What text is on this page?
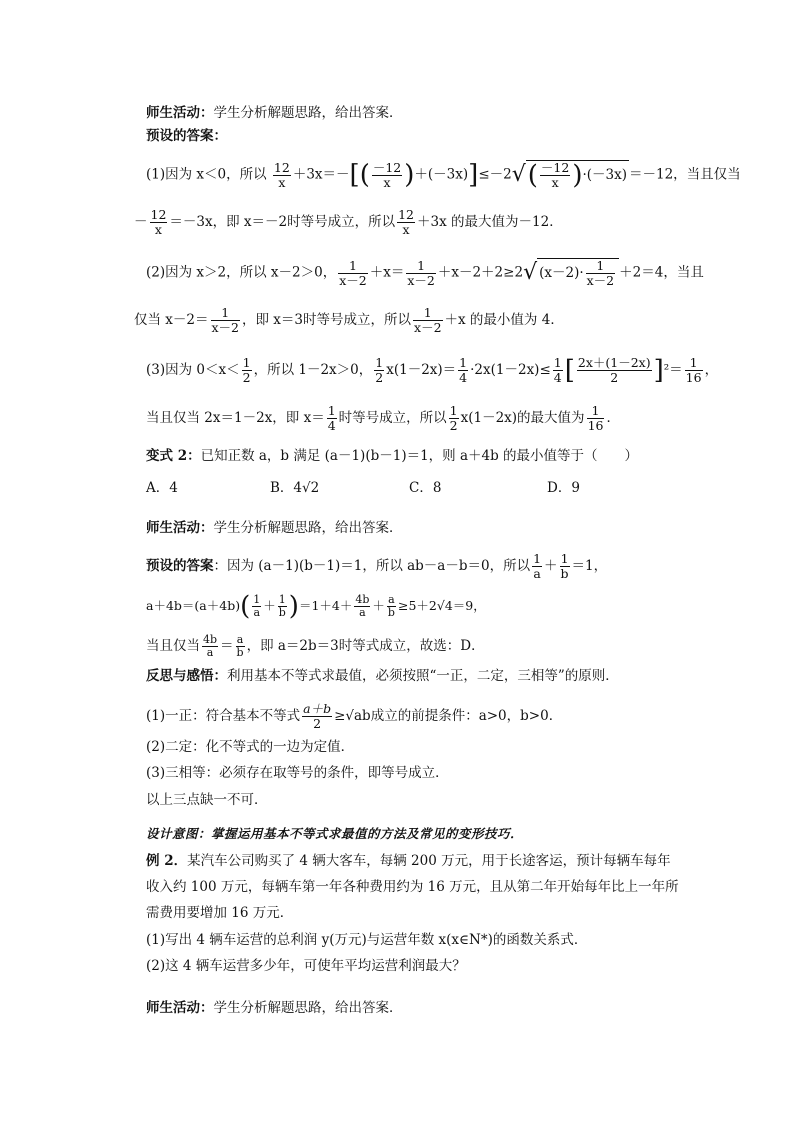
师生活动：学生分析解题思路，给出答案．
预设的答案：
(1)因为 x＜0，所以 $\frac{12}{x} +3x=-[( \frac{-12}{x} )+(-3x)]\le-2√( \frac{-12}{x} )\cdot(-3x) =-12$，当且仅当
－ $\frac{12}{x} =-3x$，即 x＝－2时等号成立，所以 $\frac{12}{x} +3x$ 的最大值为－12．
(2)因为 x＞2，所以 x－2＞0， $\frac{1}{x-2} +x= \frac{1}{x-2} +x-2+2\ge 2√$ $(x-2)\cdot \frac{1}{x-2} +2=4$，当且
仅当 $x-2= \frac{1}{x-2}$ ，即 x＝3时等号成立，所以 $\frac{1}{x-2} +x$ 的最小值为 4．
(3)因为 $0<x< \frac{1}{2}$ ，所以 1－2x＞0， $\frac{1}{2} x(1-2x)= \frac{1}{4} \cdot 2x(1-2x)\le \frac{1}{4}$ [ $\frac{2x+(1-2x)}{2} ]^2= \frac{1}{16}$ ，
当且仅当 2x＝1－2x，即 $x= \frac{1}{4}$ 时等号成立，所以 $\frac{1}{2} x(1-2x)$的最大值为 $\frac{1}{16}$ ．
变式 2：已知正数 a，b 满足 (a－1)(b－1)＝1，则 a＋4b 的最小值等于（　　）
A．4	B．4√2	C．8	D．9
师生活动：学生分析解题思路，给出答案．
预设的答案：因为 (a－1)(b－1)＝1，所以 ab－a－b＝0，所以 $\frac{1}{a} + \frac{1}{b} =1$，
$a+4b=(a+4b)( \frac{1}{a} + \frac{1}{b} )=1+4+ \frac{4b}{a} + \frac{a}{b} \ge 5+2√4=9$，
当且仅当 $\frac{4b}{a} = \frac{a}{b}$ ，即 a＝2b＝3时等式成立，故选：D．
反思与感悟：利用基本不等式求最值，必须按照“一正，二定，三相等”的原则．
(1)一正：符合基本不等式 $\frac{a+b}{2} \ge√ab$成立的前提条件：a>0，b>0．
(2)二定：化不等式的一边为定值．
(3)三相等：必须存在取等号的条件，即等号成立．
以上三点缺一不可．
设计意图：掌握运用基本不等式求最值的方法及常见的变形技巧．
例 2．某汽车公司购买了 4 辆大客车，每辆 200 万元，用于长途客运，预计每辆车每年
收入约 100 万元，每辆车第一年各种费用约为 16 万元，且从第二年开始每年比上一年所
需费用要增加 16 万元．
(1)写出 4 辆车运营的总利润 y(万元)与运营年数 x(x∈N*)的函数关系式．
(2)这 4 辆车运营多少年，可使年平均运营利润最大？
师生活动：学生分析解题思路，给出答案．
